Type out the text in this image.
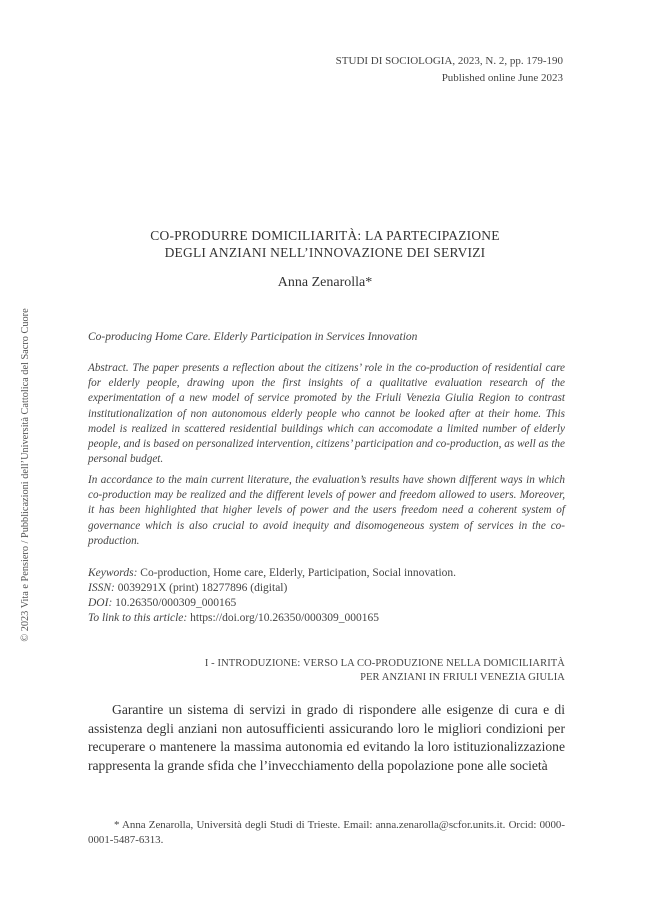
STUDI DI SOCIOLOGIA, 2023, N. 2, pp. 179-190
Published online June 2023
CO-PRODURRE DOMICILIARITÀ: LA PARTECIPAZIONE
DEGLI ANZIANI NELL’INNOVAZIONE DEI SERVIZI
Anna Zenarolla*
Co-producing Home Care. Elderly Participation in Services Innovation
Abstract. The paper presents a reflection about the citizens’ role in the co-production of residential care for elderly people, drawing upon the first insights of a qualitative evaluation research of the experimentation of a new model of service promoted by the Friuli Venezia Giulia Region to contrast institutionalization of non autonomous elderly people who cannot be looked after at their home. This model is realized in scattered residential buildings which can accomodate a limited number of elderly people, and is based on personalized intervention, citizens’ participation and co-production, as well as the personal budget.
In accordance to the main current literature, the evaluation’s results have shown different ways in which co-production may be realized and the different levels of power and freedom allowed to users. Moreover, it has been highlighted that higher levels of power and the users freedom need a coherent system of governance which is also crucial to avoid inequity and disomogeneous system of services in the co-production.
Keywords: Co-production, Home care, Elderly, Participation, Social innovation.
ISSN: 0039291X (print) 18277896 (digital)
DOI: 10.26350/000309_000165
To link to this article: https://doi.org/10.26350/000309_000165
I - INTRODUZIONE: VERSO LA CO-PRODUZIONE NELLA DOMICILIARITÀ
PER ANZIANI IN FRIULI VENEZIA GIULIA
Garantire un sistema di servizi in grado di rispondere alle esigenze di cura e di assistenza degli anziani non autosufficienti assicurando loro le migliori condizioni per recuperare o mantenere la massima autonomia ed evitando la loro istituzionalizzazione rappresenta la grande sfida che l’invecchiamento della popolazione pone alle società
* Anna Zenarolla, Università degli Studi di Trieste. Email: anna.zenarolla@scfor.units.it. Orcid: 0000-0001-5487-6313.
© 2023 Vita e Pensiero / Pubblicazioni dell’Università Cattolica del Sacro Cuore
